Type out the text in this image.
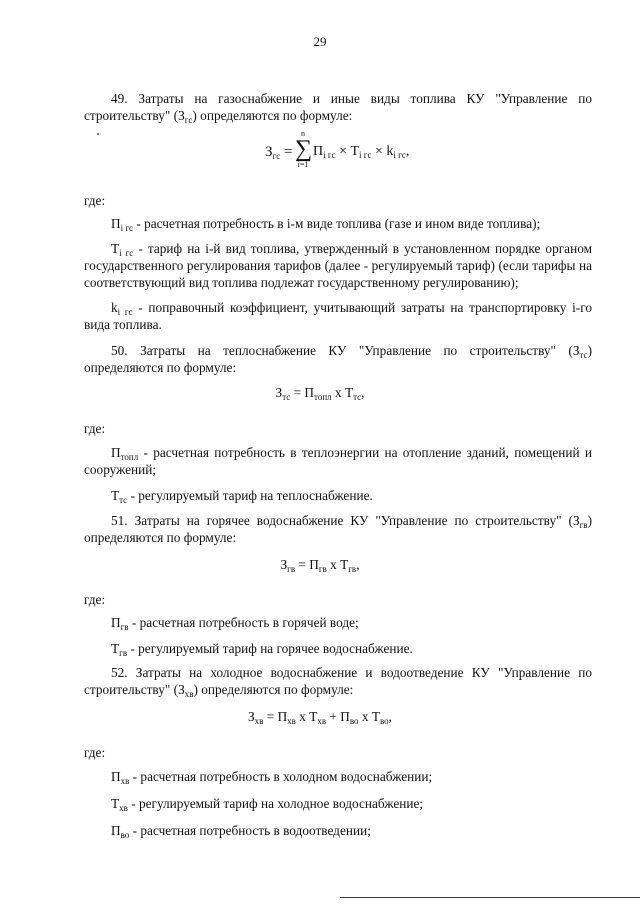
29
49. Затраты на газоснабжение и иные виды топлива КУ "Управление по строительству" $(З_{гс})$ определяются по формуле:
$З_{гс}$ =
n
∑
i=1
$П_{i гс} \times Т_{i гс} \times k_{i гс}$,
где:
$П_{i гс}$ - расчетная потребность в i-м виде топлива (газе и ином виде топлива);
$Т_{i гс}$ - тариф на i-й вид топлива, утвержденный в установленном порядке органом
государственного регулирования тарифов (далее - регулируемый тариф) (если тарифы на
соответствующий вид топлива подлежат государственному регулированию);
$k_{i гс}$ - поправочный коэффициент, учитывающий затраты на транспортировку i-го
вида топлива.
50. Затраты на теплоснабжение КУ "Управление по строительству" $(З_{тс})$
определяются по формуле:
$З_{тс} = П_{топл}$ х $Т_{тс}$,
где:
$П_{топл}$ - расчетная потребность в теплоэнергии на отопление зданий, помещений и
сооружений;
$Т_{тс}$ - регулируемый тариф на теплоснабжение.
51. Затраты на горячее водоснабжение КУ "Управление по строительству" $(З_{гв})$
определяются по формуле:
$З_{гв} = П_{гв}$ х $Т_{гв}$,
где:
$П_{гв}$ - расчетная потребность в горячей воде;
$Т_{гв}$ - регулируемый тариф на горячее водоснабжение.
52. Затраты на холодное водоснабжение и водоотведение КУ "Управление по строительству" $(З_{хв})$ определяются по формуле:
$З_{хв} = П_{хв}$ х $Т_{хв} + П_{во}$ х $Т_{во}$,
где:
$П_{хв}$ - расчетная потребность в холодном водоснабжении;
$Т_{хв}$ - регулируемый тариф на холодное водоснабжение;
$П_{во}$ - расчетная потребность в водоотведении;
